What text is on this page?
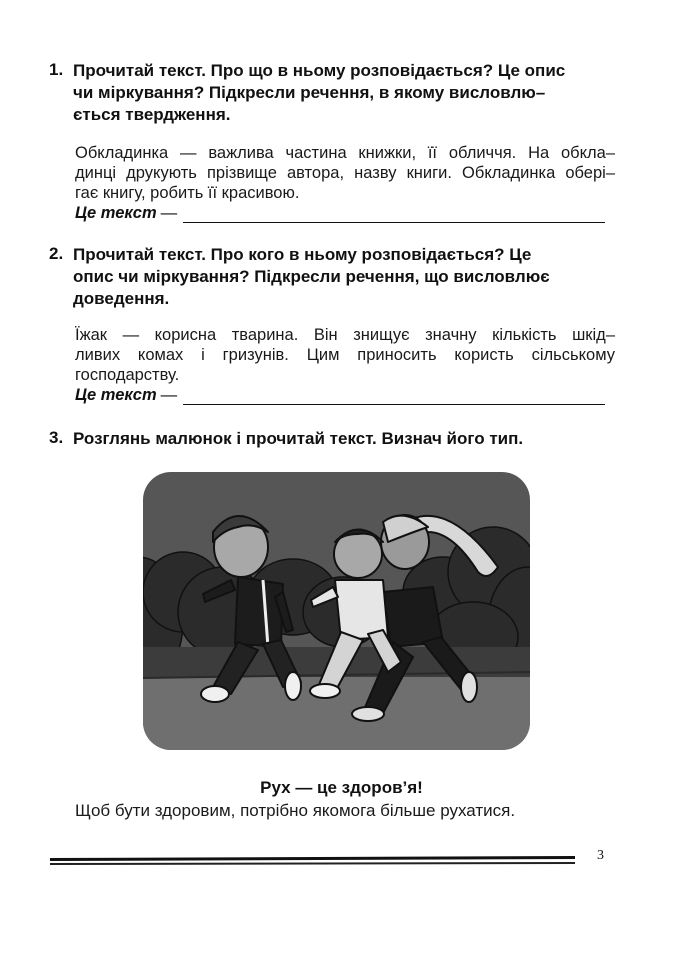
1. Прочитай текст. Про що в ньому розповідається? Це опис
чи міркування? Підкресли речення, в якому висловлю–
ється твердження.
Обкладинка — важлива частина книжки, її обличчя. На обкла–
динці друкують прізвище автора, назву книги. Обкладинка обері–
гає книгу, робить її красивою.
Це текст —
2. Прочитай текст. Про кого в ньому розповідається? Це
опис чи міркування? Підкресли речення, що висловлює
доведення.
Їжак — корисна тварина. Він знищує значну кількість шкід–
ливих комах і гризунів. Цим приносить користь сільському
господарству.
Це текст —
3. Розглянь малюнок і прочитай текст. Визнач його тип.
Рух — це здоров’я!
Щоб бути здоровим, потрібно якомога більше рухатися.
3
